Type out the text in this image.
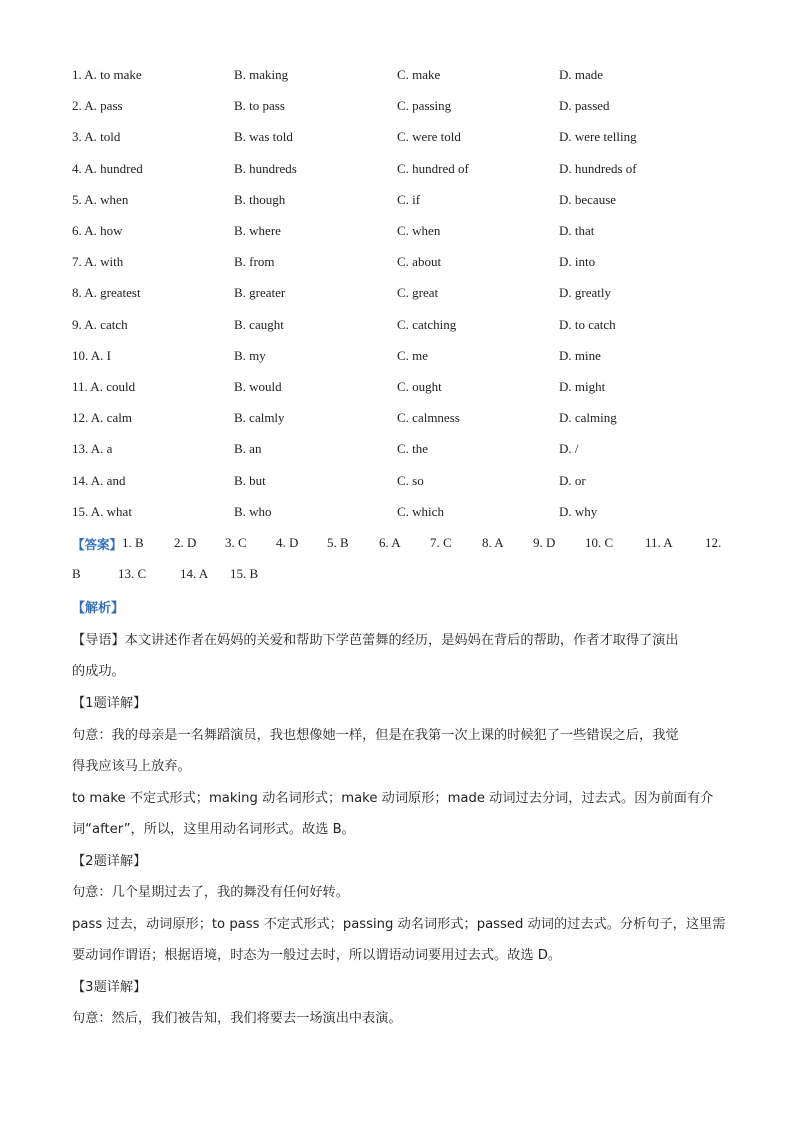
1. A. to make	B. making	C. make	D. made
2. A. pass	B. to pass	C. passing	D. passed
3. A. told	B. was told	C. were told	D. were telling
4. A. hundred	B. hundreds	C. hundred of	D. hundreds of
5. A. when	B. though	C. if	D. because
6. A. how	B. where	C. when	D. that
7. A. with	B. from	C. about	D. into
8. A. greatest	B. greater	C. great	D. greatly
9. A. catch	B. caught	C. catching	D. to catch
10. A. I	B. my	C. me	D. mine
11. A. could	B. would	C. ought	D. might
12. A. calm	B. calmly	C. calmness	D. calming
13. A. a	B. an	C. the	D. /
14. A. and	B. but	C. so	D. or
15. A. what	B. who	C. which	D. why
【答案】 1. B 2. D 3. C 4. D 5. B 6. A 7. C 8. A 9. D 10. C 11. A 12.
B	13. C	14. A 15. B
【解析】
【导语】本文讲述作者在妈妈的关爱和帮助下学芭蕾舞的经历，是妈妈在背后的帮助，作者才取得了演出
的成功。
【1题详解】
句意：我的母亲是一名舞蹈演员，我也想像她一样，但是在我第一次上课的时候犯了一些错误之后，我觉
得我应该马上放弃。
to make 不定式形式；making 动名词形式；make 动词原形；made 动词过去分词，过去式。因为前面有介
词“after”，所以，这里用动名词形式。故选 B。
【2题详解】
句意：几个星期过去了，我的舞没有任何好转。
pass 过去，动词原形；to pass 不定式形式；passing 动名词形式；passed 动词的过去式。分析句子，这里需
要动词作谓语；根据语境，时态为一般过去时，所以谓语动词要用过去式。故选 D。
【3题详解】
句意：然后，我们被告知，我们将要去一场演出中表演。
